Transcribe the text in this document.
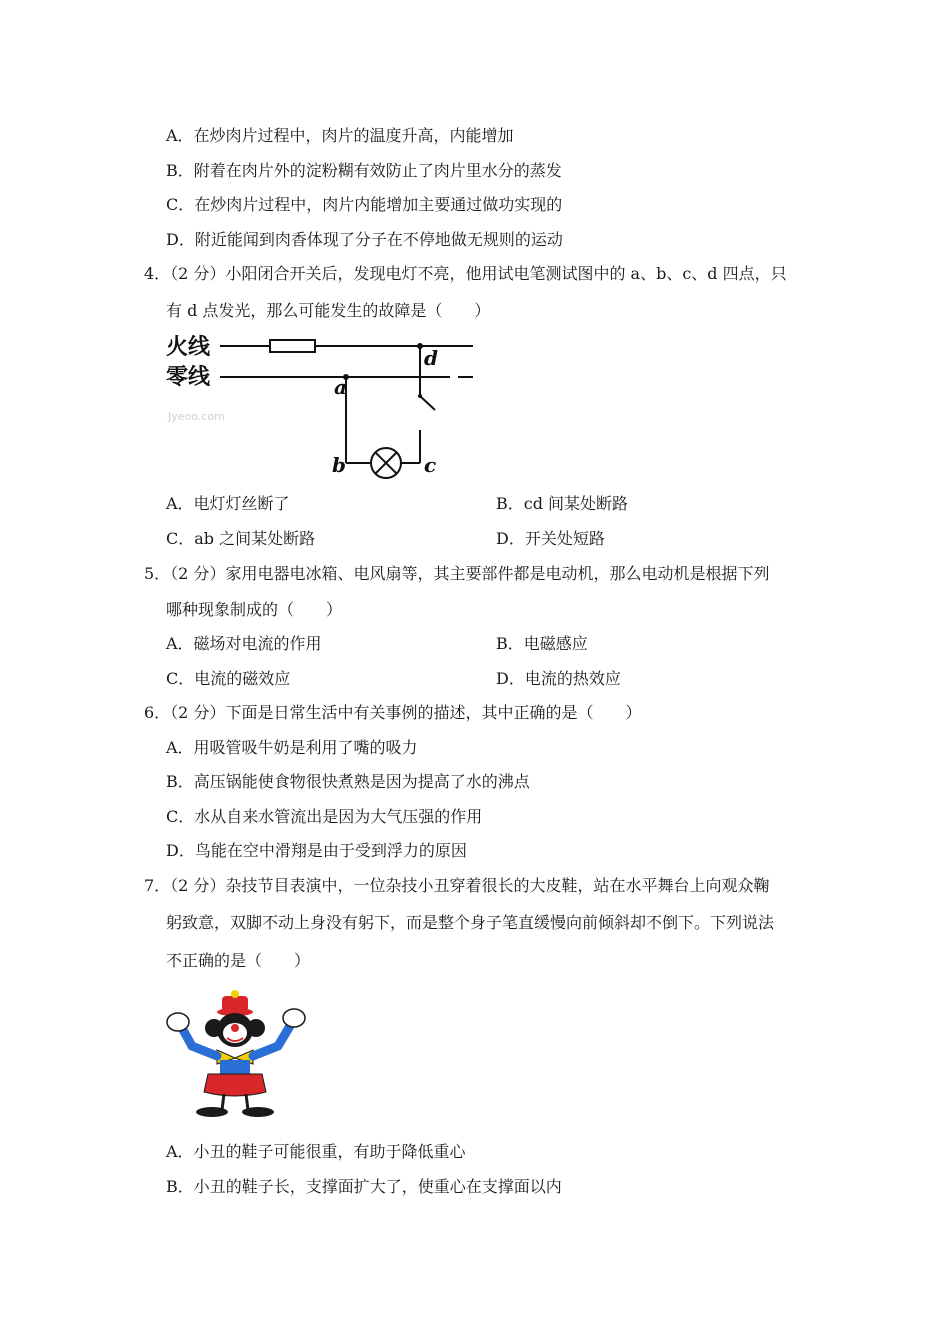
A．在炒肉片过程中，肉片的温度升高，内能增加
B．附着在肉片外的淀粉糊有效防止了肉片里水分的蒸发
C．在炒肉片过程中，肉片内能增加主要通过做功实现的
D．附近能闻到肉香体现了分子在不停地做无规则的运动
4．（2 分）小阳闭合开关后，发现电灯不亮，他用试电笔测试图中的 a、b、c、d 四点，只
有 d 点发光，那么可能发生的故障是（　　）
火线
零线	a
b	c
d
Jyeoo.com
A．电灯灯丝断了	B．cd 间某处断路
C．ab 之间某处断路	D．开关处短路
5．（2 分）家用电器电冰箱、电风扇等，其主要部件都是电动机，那么电动机是根据下列
哪种现象制成的（　　）
A．磁场对电流的作用	B．电磁感应
C．电流的磁效应	D．电流的热效应
6．（2 分）下面是日常生活中有关事例的描述，其中正确的是（　　）
A．用吸管吸牛奶是利用了嘴的吸力
B．高压锅能使食物很快煮熟是因为提高了水的沸点
C．水从自来水管流出是因为大气压强的作用
D．鸟能在空中滑翔是由于受到浮力的原因
7．（2 分）杂技节目表演中，一位杂技小丑穿着很长的大皮鞋，站在水平舞台上向观众鞠
躬致意，双脚不动上身没有躬下，而是整个身子笔直缓慢向前倾斜却不倒下。下列说法
不正确的是（　　）
A．小丑的鞋子可能很重，有助于降低重心
B．小丑的鞋子长，支撑面扩大了，使重心在支撑面以内
